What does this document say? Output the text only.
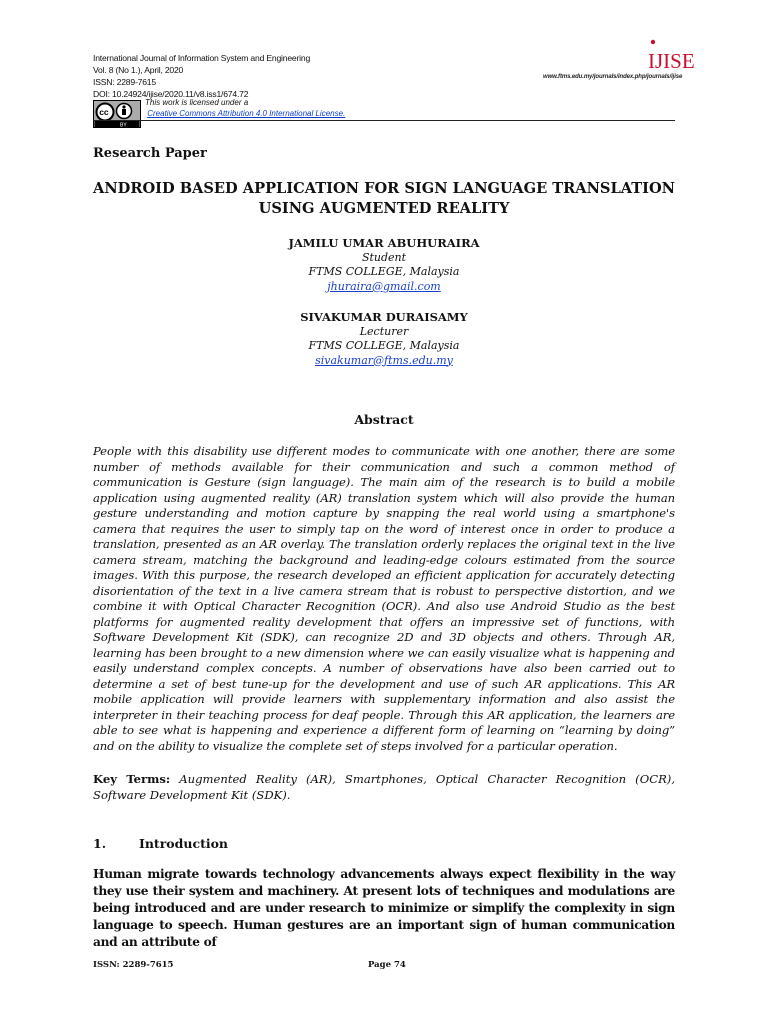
International Journal of Information System and Engineering
Vol. 8 (No 1.), April, 2020
ISSN: 2289-7615
DOI: 10.24924/ijise/2020.11/v8.iss1/674.72
IJISE
www.ftms.edu.my/journals/index.php/journals/ijise
cc
BY
This work is licensed under a
Creative Commons Attribution 4.0 International License.
Research Paper
ANDROID BASED APPLICATION FOR SIGN LANGUAGE TRANSLATION
USING AUGMENTED REALITY
JAMILU UMAR ABUHURAIRA
Student
FTMS COLLEGE, Malaysia
jhuraira@gmail.com
SIVAKUMAR DURAISAMY
Lecturer
FTMS COLLEGE, Malaysia
sivakumar@ftms.edu.my
Abstract
People with this disability use different modes to communicate with one another, there are some number of methods available for their communication and such a common method of communication is Gesture (sign language). The main aim of the research is to build a mobile application using augmented reality (AR) translation system which will also provide the human gesture understanding and motion capture by snapping the real world using a smartphone's camera that requires the user to simply tap on the word of interest once in order to produce a translation, presented as an AR overlay. The translation orderly replaces the original text in the live camera stream, matching the background and leading-edge colours estimated from the source images. With this purpose, the research developed an efficient application for accurately detecting disorientation of the text in a live camera stream that is robust to perspective distortion, and we combine it with Optical Character Recognition (OCR). And also use Android Studio as the best platforms for augmented reality development that offers an impressive set of functions, with Software Development Kit (SDK), can recognize 2D and 3D objects and others. Through AR, learning has been brought to a new dimension where we can easily visualize what is happening and easily understand complex concepts. A number of observations have also been carried out to determine a set of best tune-up for the development and use of such AR applications. This AR mobile application will provide learners with supplementary information and also assist the interpreter in their teaching process for deaf people. Through this AR application, the learners are able to see what is happening and experience a different form of learning on “learning by doing” and on the ability to visualize the complete set of steps involved for a particular operation.
Key Terms: Augmented Reality (AR), Smartphones, Optical Character Recognition (OCR), Software Development Kit (SDK).
1.	Introduction
Human migrate towards technology advancements always expect flexibility in the way they use their system and machinery. At present lots of techniques and modulations are being introduced and are under research to minimize or simplify the complexity in sign language to speech. Human gestures are an important sign of human communication and an attribute of
ISSN: 2289-7615	Page 74
